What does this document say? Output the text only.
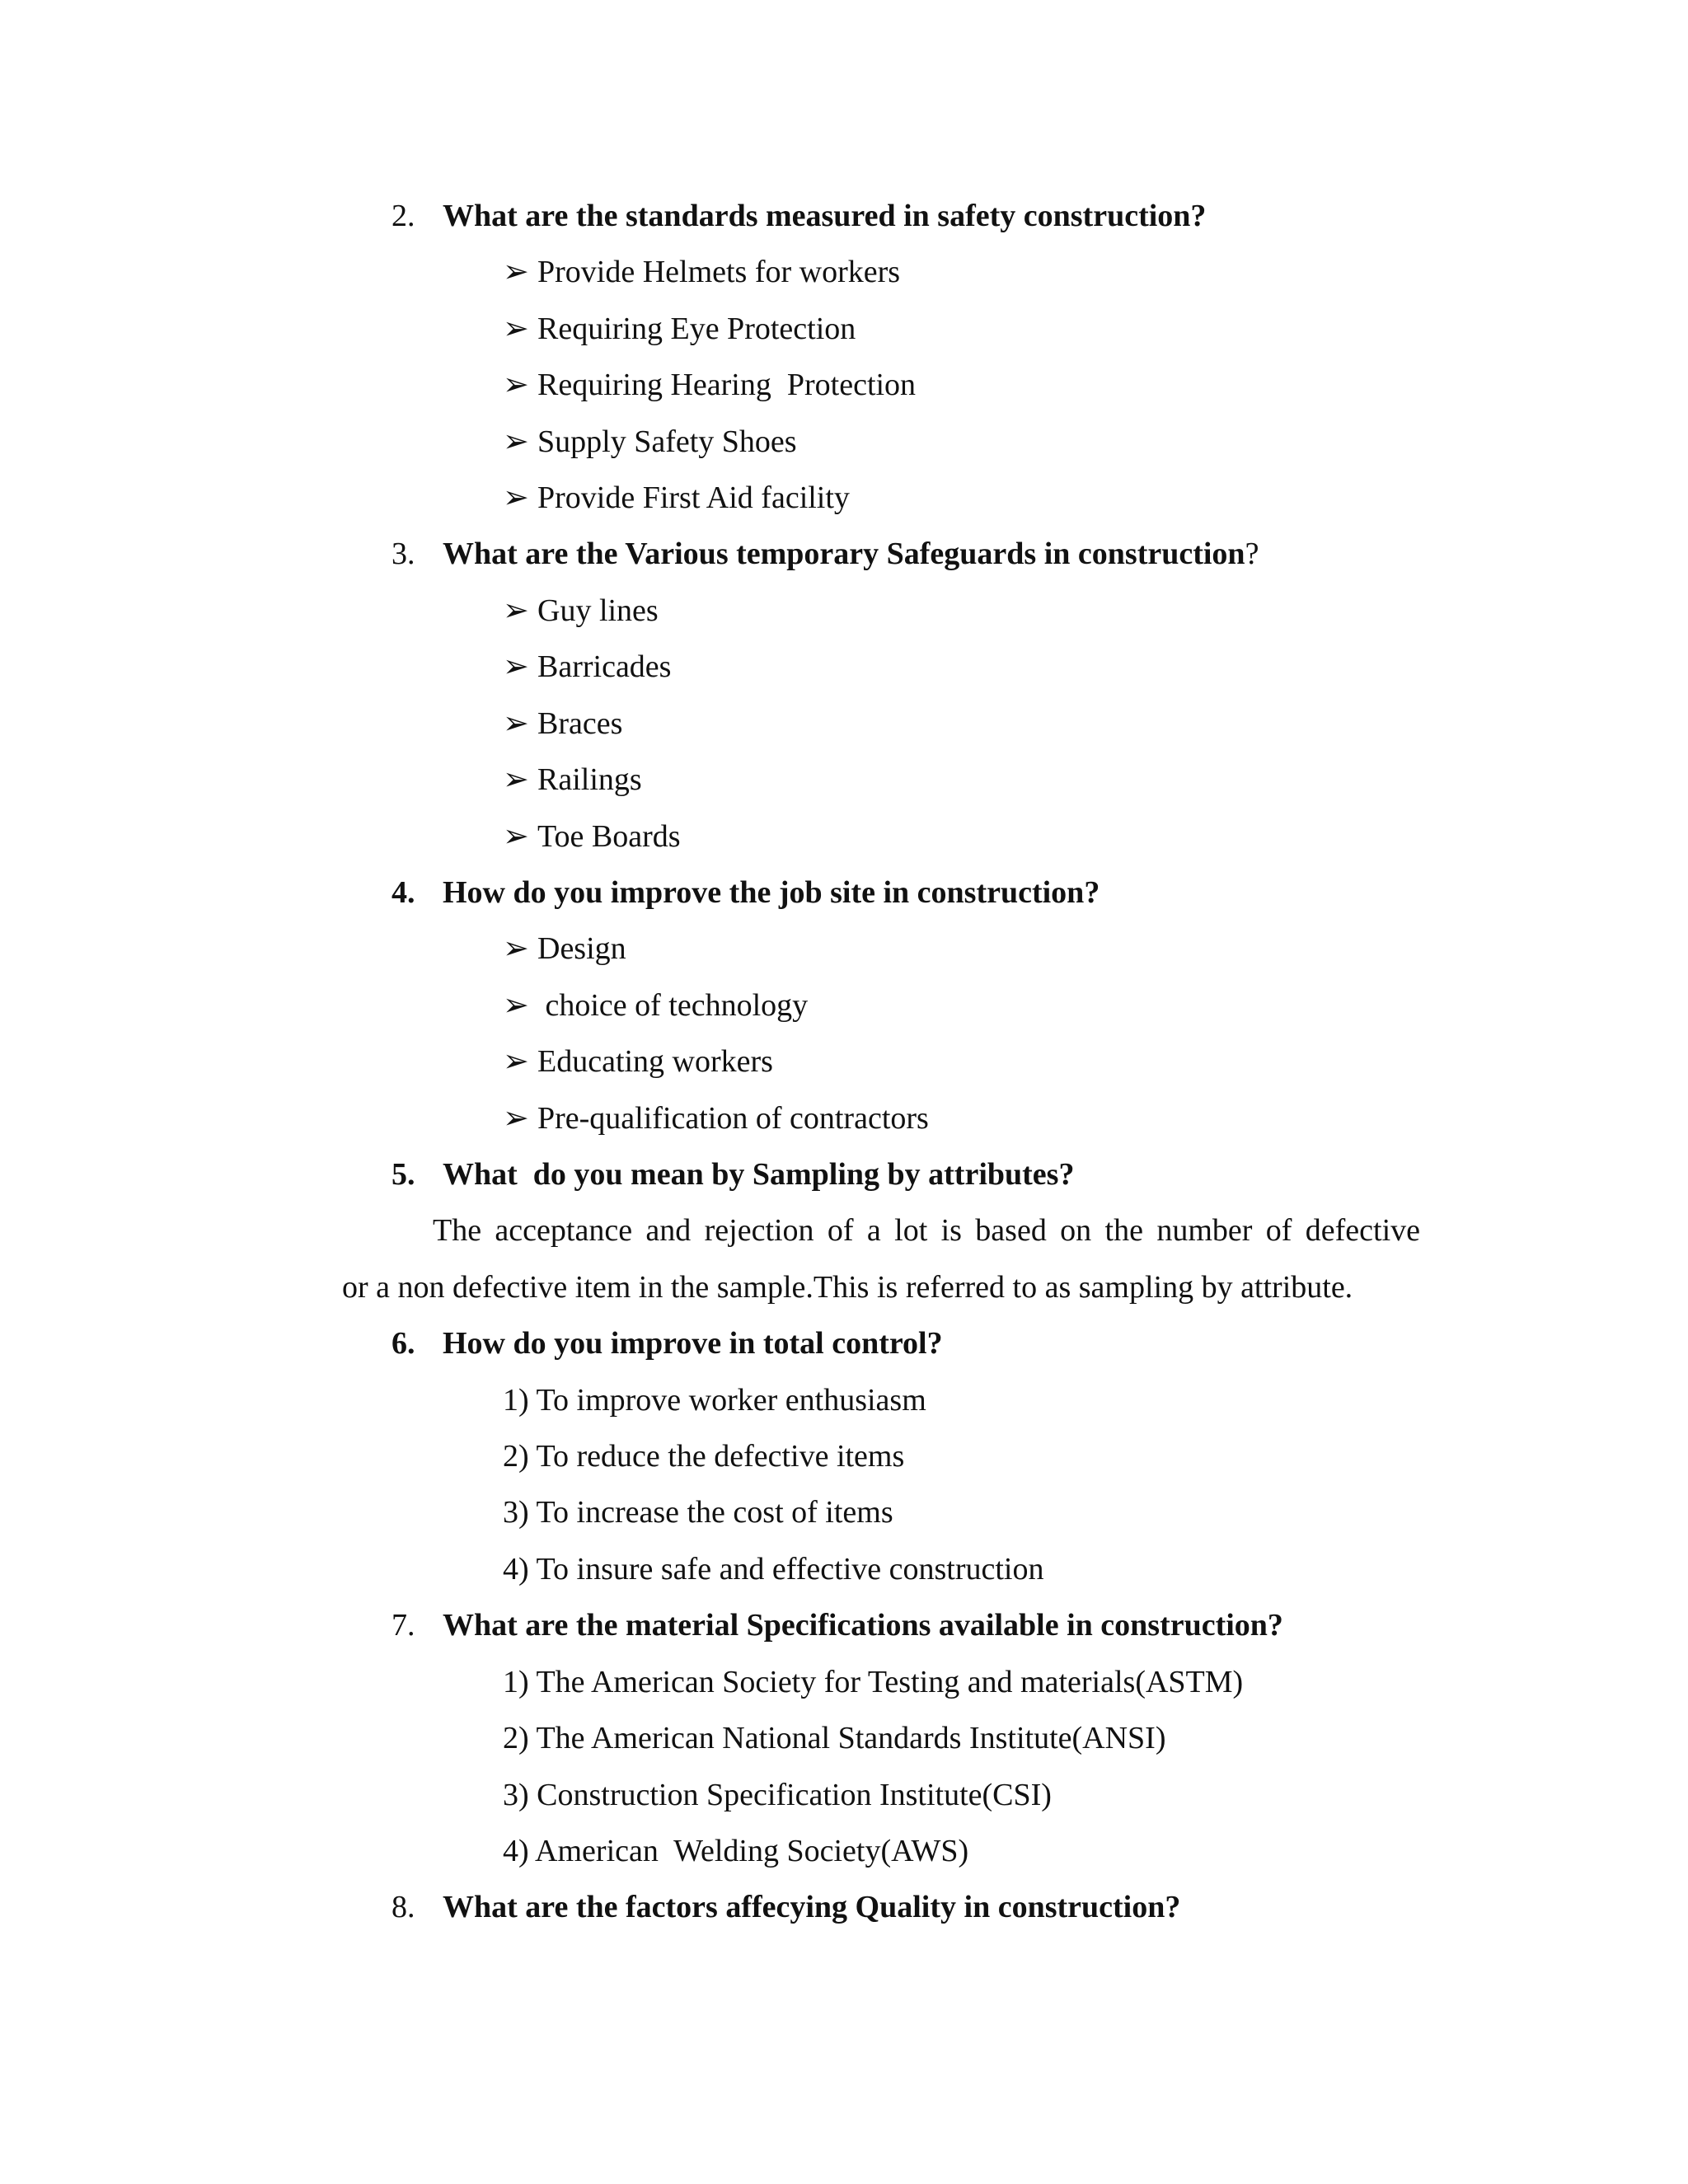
2. What are the standards measured in safety construction?
➢ Provide Helmets for workers
➢ Requiring Eye Protection
➢ Requiring Hearing  Protection
➢ Supply Safety Shoes
➢ Provide First Aid facility
3. What are the Various temporary Safeguards in construction?
➢ Guy lines
➢ Barricades
➢ Braces
➢ Railings
➢ Toe Boards
4. How do you improve the job site in construction?
➢ Design
➢ choice of technology
➢ Educating workers
➢ Pre-qualification of contractors
5. What  do you mean by Sampling by attributes?
The acceptance and rejection of a lot is based on the number of defective
or a non defective item in the sample.This is referred to as sampling by attribute.
6. How do you improve in total control?
1) To improve worker enthusiasm
2) To reduce the defective items
3) To increase the cost of items
4) To insure safe and effective construction
7. What are the material Specifications available in construction?
1) The American Society for Testing and materials(ASTM)
2) The American National Standards Institute(ANSI)
3) Construction Specification Institute(CSI)
4) American  Welding Society(AWS)
8. What are the factors affecying Quality in construction?
